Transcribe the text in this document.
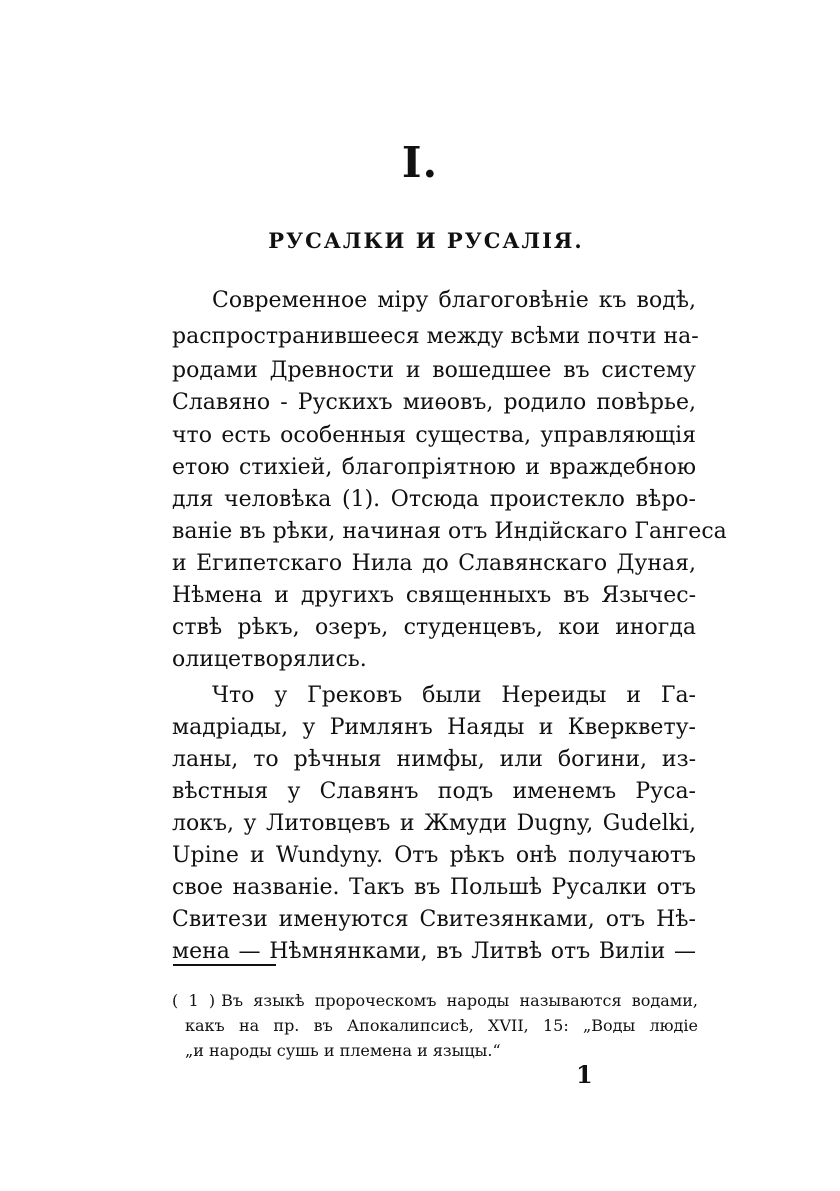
I.
РУСАЛКИ И РУСАЛІЯ.
Современное міру благоговѣніе къ водѣ,
распространившееся между всѣми почти на-
родами Древности и вошедшее въ систему
Славяно - Рускихъ миѳовъ, родило повѣрье,
что есть особенныя существа, управляющія
етою стихіей, благопріятною и враждебною
для человѣка (1). Отсюда проистекло вѣро-
ваніе въ рѣки, начиная отъ Индійскаго Гангеса
и Египетскаго Нила до Славянскаго Дуная,
Нѣмена и другихъ священныхъ въ Язычес-
ствѣ рѣкъ, озеръ, студенцевъ, кои иногда
олицетворялись.
Что у Грековъ были Нереиды и Га-
мадріады, у Римлянъ Наяды и Кверквету-
ланы, то рѣчныя нимфы, или богини, из-
вѣстныя у Славянъ подъ именемъ Руса-
локъ, у Литовцевъ и Жмуди Dugny, Gudelki,
Upine и Wundyny. Отъ рѣкъ онѣ получаютъ
свое названіе. Такъ въ Польшѣ Русалки отъ
Свитези именуются Свитезянками, отъ Нѣ-
мена — Нѣмнянками, въ Литвѣ отъ Виліи —
( 1 ) Въ языкѣ пророческомъ народы называются водами,
какъ на пр. въ Апокалипсисѣ, XVII, 15: „Воды людіе
„и народы сушь и племена и языцы.“
1
